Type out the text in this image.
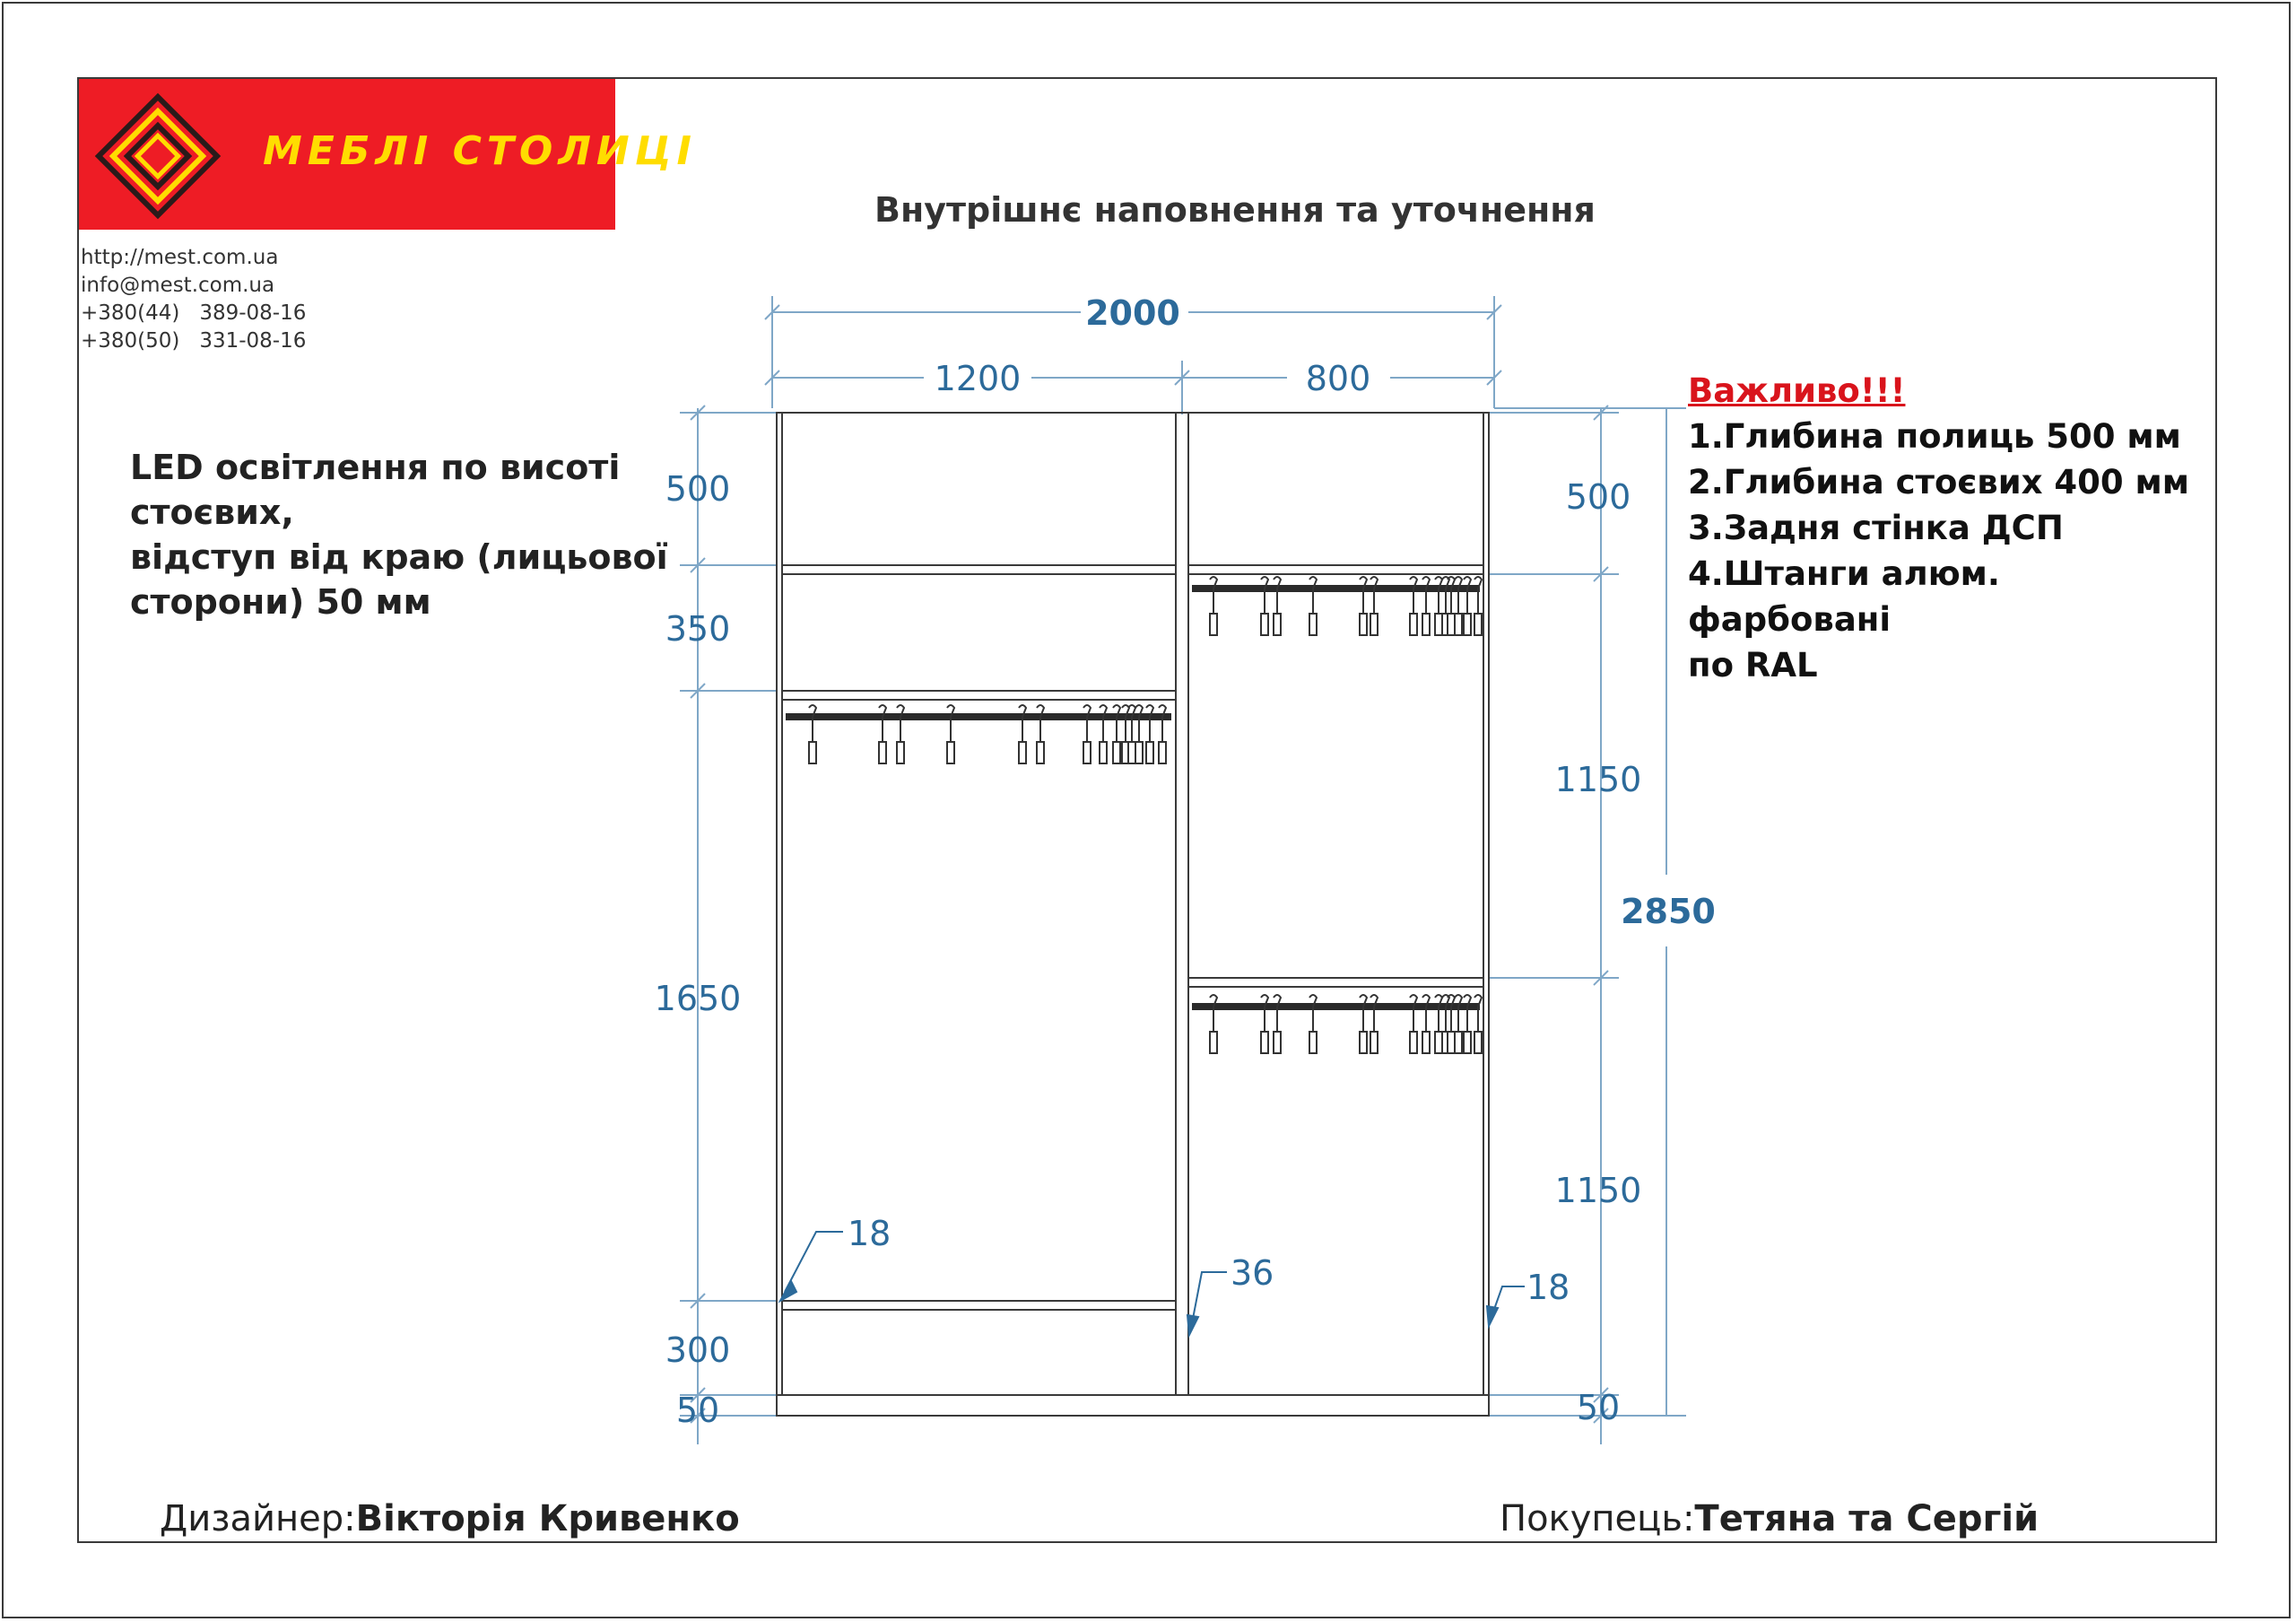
МЕБЛІ СТОЛИЦІ
http://mest.com.ua
info@mest.com.ua
+380(44)   389-08-16
+380(50)   331-08-16
Внутрішнє наповнення та уточнення
LED освітлення по висоті
стоєвих,
відступ від краю (лицьової
сторони) 50 мм
Важливо!!!
1.Глибина полиць 500 мм
2.Глибина стоєвих 400 мм
3.Задня стінка ДСП
4.Штанги алюм.
фарбовані
по RAL
2000
1200	800
500
350
1650
300
50
500
1150
1150
50
2850
18
36	18
Дизайнер:Вікторія Кривенко	Покупець:Тетяна та Сергій
